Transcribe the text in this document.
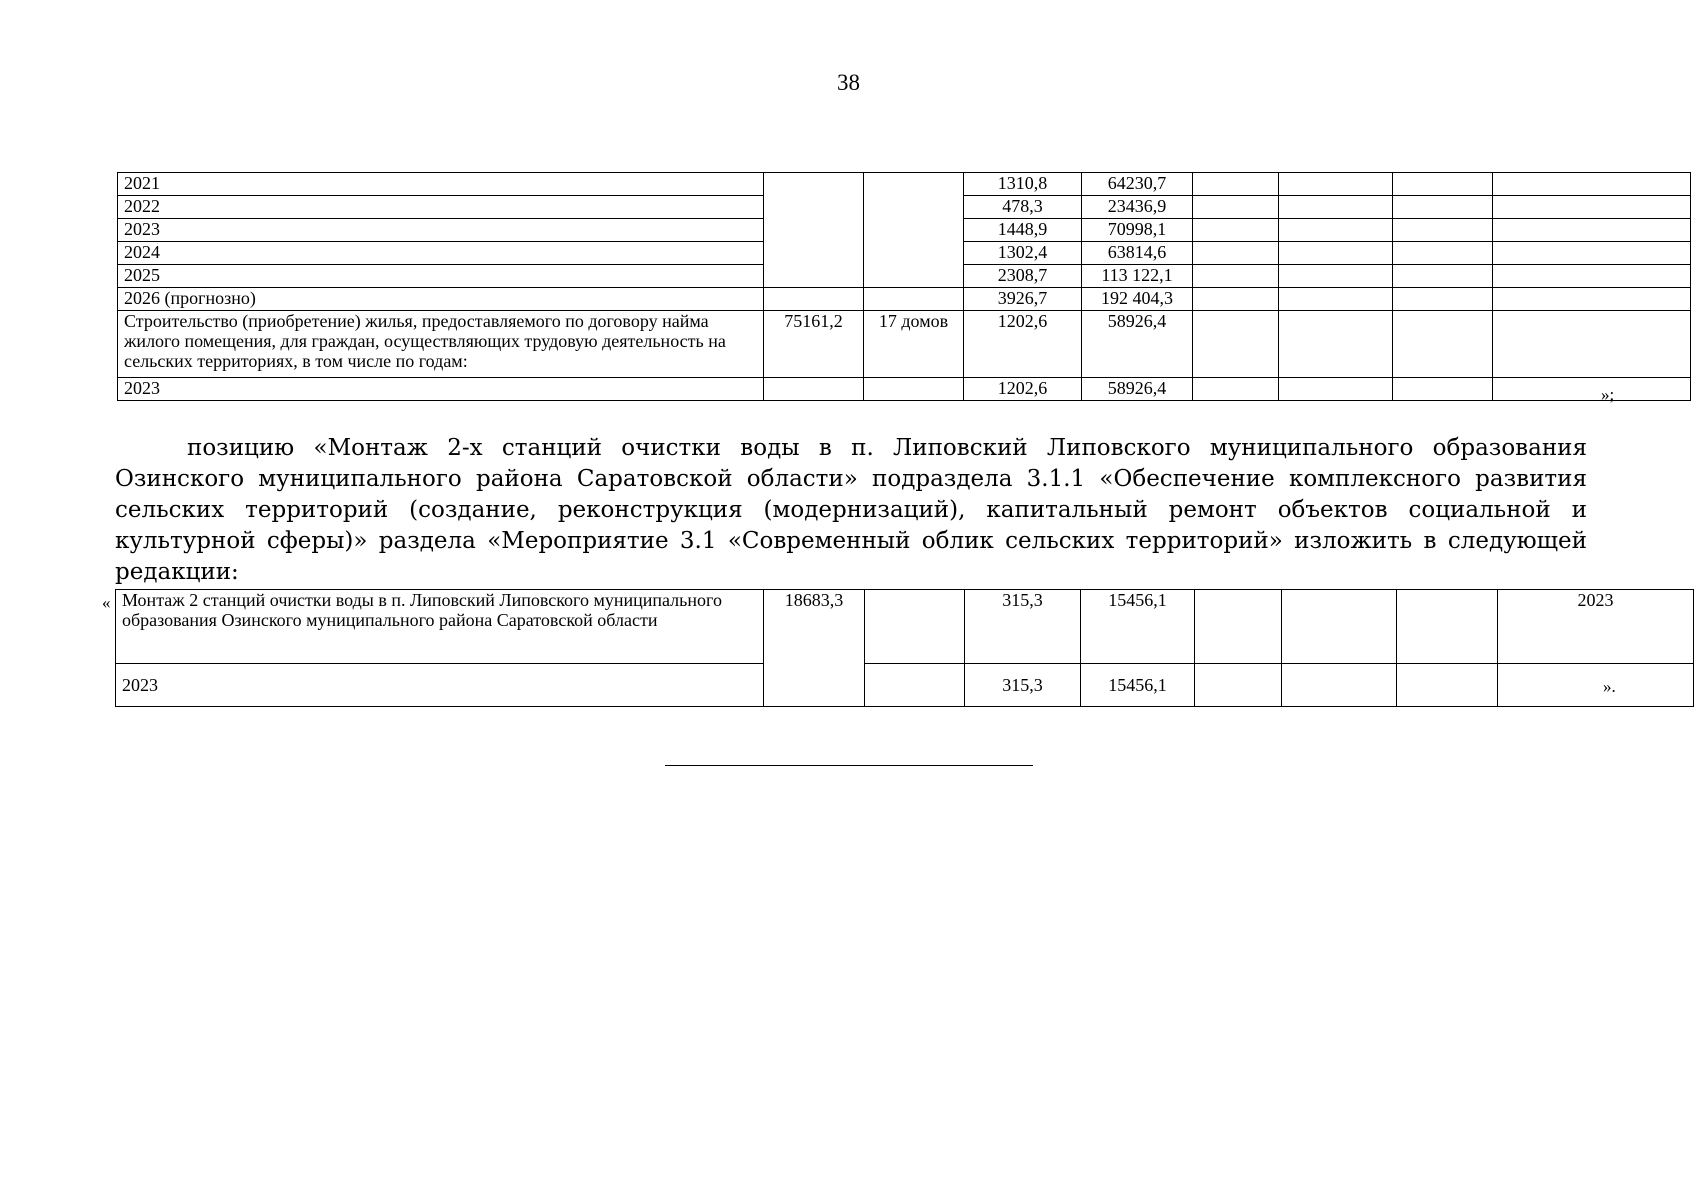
38
2021			1310,8	64230,7				
2022			478,3	23436,9				
2023			1448,9	70998,1				
2024			1302,4	63814,6				
2025			2308,7	113 122,1				
2026 (прогнозно)			3926,7	192 404,3				
Строительство (приобретение) жилья, предоставляемого по договору найма жилого помещения, для граждан, осуществляющих трудовую деятельность на сельских территориях, в том числе по годам:	75161,2	17 домов	1202,6	58926,4				
2023			1202,6	58926,4					»;

позицию «Монтаж 2-х станций очистки воды в п. Липовский Липовского муниципального образования Озинского муниципального района Саратовской области» подраздела 3.1.1 «Обеспечение комплексного развития сельских территорий (создание, реконструкция (модернизаций), капитальный ремонт объектов социальной и культурной сферы)» раздела «Мероприятие 3.1 «Современный облик сельских территорий» изложить в следующей редакции:

« Монтаж 2 станций очистки воды в п. Липовский Липовского муниципального образования Озинского муниципального района Саратовской области	18683,3		315,3	15456,1				2023
2023			315,3	15456,1					».
